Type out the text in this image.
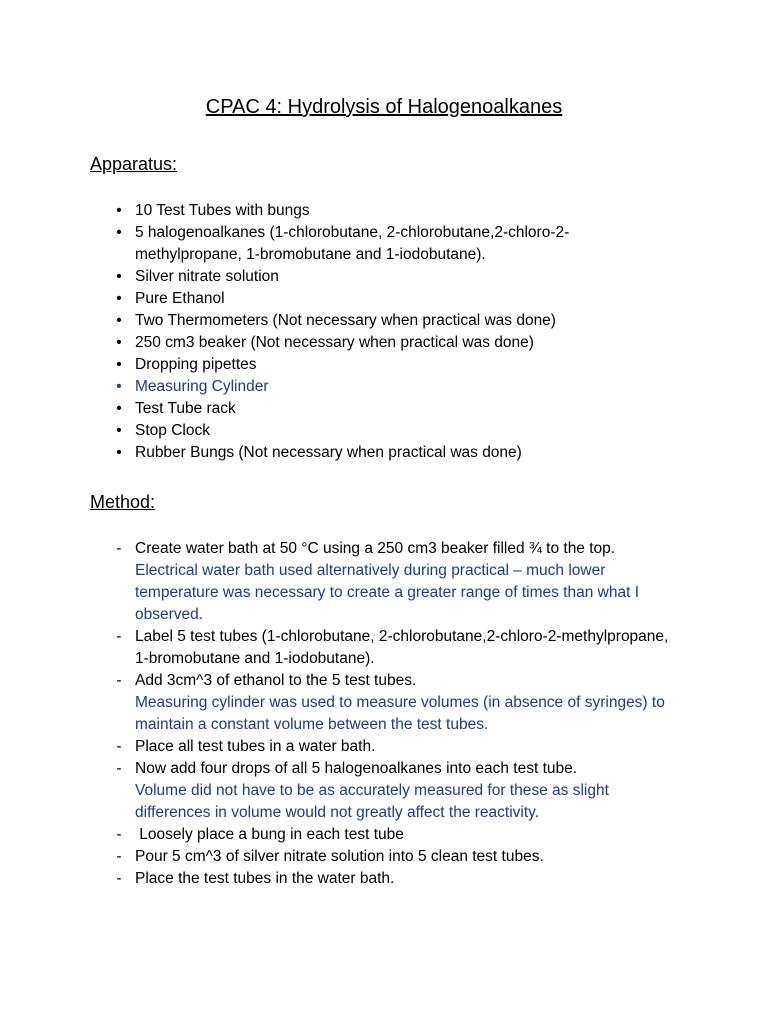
CPAC 4: Hydrolysis of Halogenoalkanes
Apparatus:
• 10 Test Tubes with bungs
• 5 halogenoalkanes (1-chlorobutane, 2-chlorobutane,2-chloro-2-methylpropane, 1-bromobutane and 1-iodobutane).
• Silver nitrate solution
• Pure Ethanol
• Two Thermometers (Not necessary when practical was done)
• 250 cm3 beaker (Not necessary when practical was done)
• Dropping pipettes
• Measuring Cylinder
• Test Tube rack
• Stop Clock
• Rubber Bungs (Not necessary when practical was done)
Method:
- Create water bath at 50 °C using a 250 cm3 beaker filled ¾ to the top.
Electrical water bath used alternatively during practical – much lower temperature was necessary to create a greater range of times than what I observed.
- Label 5 test tubes (1-chlorobutane, 2-chlorobutane,2-chloro-2-methylpropane, 1-bromobutane and 1-iodobutane).
- Add 3cm^3 of ethanol to the 5 test tubes.
Measuring cylinder was used to measure volumes (in absence of syringes) to maintain a constant volume between the test tubes.
- Place all test tubes in a water bath.
- Now add four drops of all 5 halogenoalkanes into each test tube.
Volume did not have to be as accurately measured for these as slight differences in volume would not greatly affect the reactivity.
- Loosely place a bung in each test tube
- Pour 5 cm^3 of silver nitrate solution into 5 clean test tubes.
- Place the test tubes in the water bath.
